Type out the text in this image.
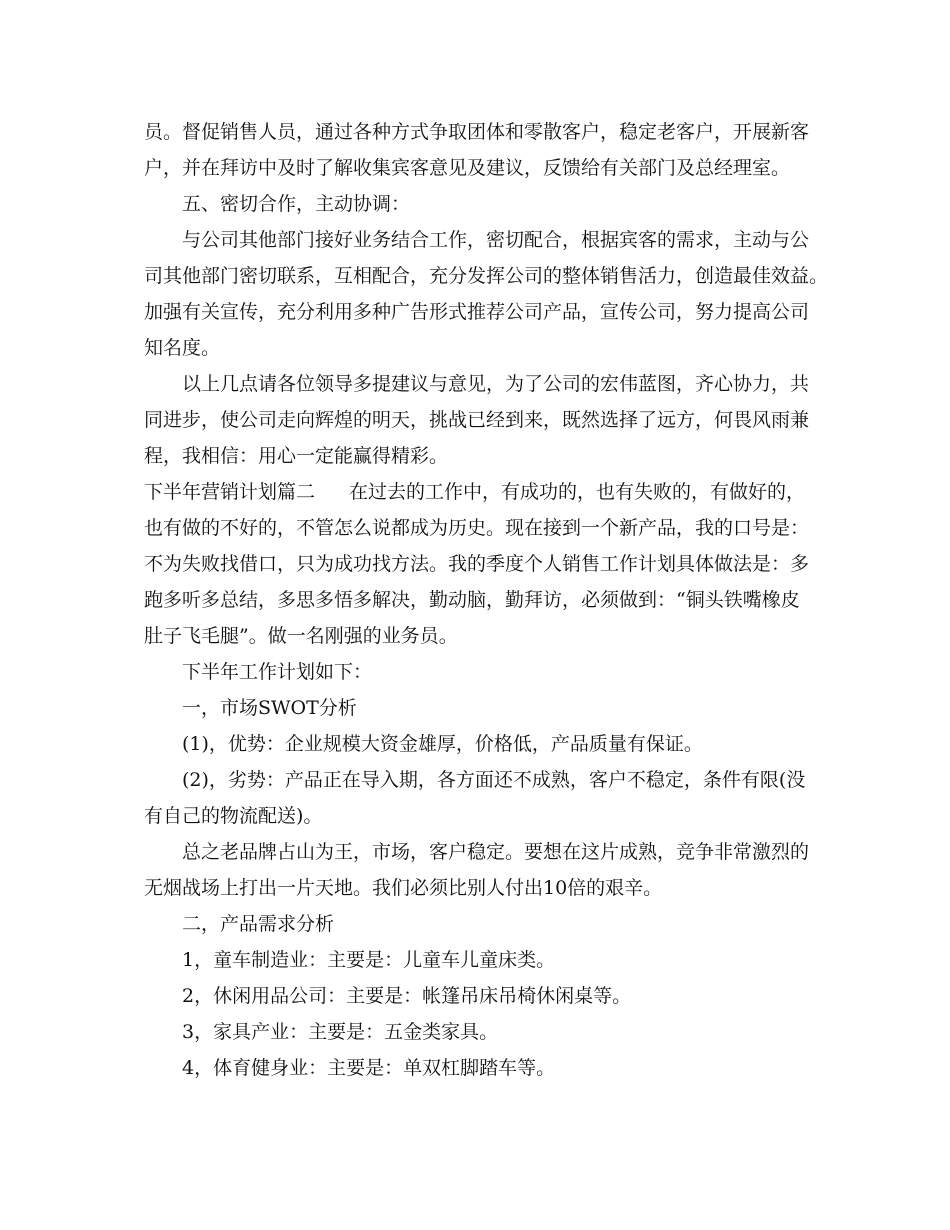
员。督促销售人员，通过各种方式争取团体和零散客户，稳定老客户，开展新客
户，并在拜访中及时了解收集宾客意见及建议，反馈给有关部门及总经理室。
五、密切合作，主动协调：
与公司其他部门接好业务结合工作，密切配合，根据宾客的需求，主动与公
司其他部门密切联系，互相配合，充分发挥公司的整体销售活力，创造最佳效益。
加强有关宣传，充分利用多种广告形式推荐公司产品，宣传公司，努力提高公司
知名度。
以上几点请各位领导多提建议与意见，为了公司的宏伟蓝图，齐心协力，共
同进步，使公司走向辉煌的明天，挑战已经到来，既然选择了远方，何畏风雨兼
程，我相信：用心一定能赢得精彩。
下半年营销计划篇二 在过去的工作中，有成功的，也有失败的，有做好的，
也有做的不好的，不管怎么说都成为历史。现在接到一个新产品，我的口号是：
不为失败找借口，只为成功找方法。我的季度个人销售工作计划具体做法是：多
跑多听多总结，多思多悟多解决，勤动脑，勤拜访，必须做到：“铜头铁嘴橡皮
肚子飞毛腿”。做一名刚强的业务员。
下半年工作计划如下：
一，市场SWOT分析
(1)，优势：企业规模大资金雄厚，价格低，产品质量有保证。
(2)，劣势：产品正在导入期，各方面还不成熟，客户不稳定，条件有限(没
有自己的物流配送)。
总之老品牌占山为王，市场，客户稳定。要想在这片成熟，竞争非常激烈的
无烟战场上打出一片天地。我们必须比别人付出10倍的艰辛。
二，产品需求分析
1，童车制造业：主要是：儿童车儿童床类。
2，休闲用品公司：主要是：帐篷吊床吊椅休闲桌等。
3，家具产业：主要是：五金类家具。
4，体育健身业：主要是：单双杠脚踏车等。
